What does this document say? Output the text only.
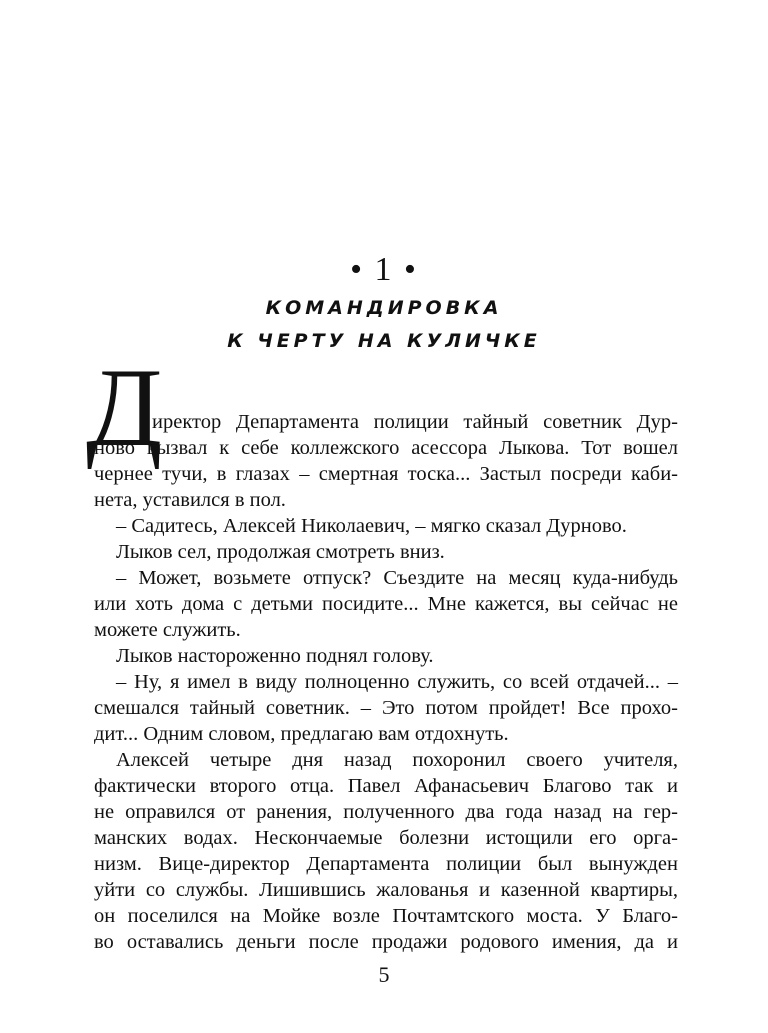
• 1 •
КОМАНДИРОВКА
К ЧЕРТУ НА КУЛИЧКЕ
Д
иректор Департамента полиции тайный советник Дур-
ново вызвал к себе коллежского асессора Лыкова. Тот вошел
чернее тучи, в глазах – смертная тоска... Застыл посреди каби-
нета, уставился в пол.
– Садитесь, Алексей Николаевич, – мягко сказал Дурново.
Лыков сел, продолжая смотреть вниз.
– Может, возьмете отпуск? Съездите на месяц куда-нибудь
или хоть дома с детьми посидите... Мне кажется, вы сейчас не
можете служить.
Лыков настороженно поднял голову.
– Ну, я имел в виду полноценно служить, со всей отдачей... –
смешался тайный советник. – Это потом пройдет! Все прохо-
дит... Одним словом, предлагаю вам отдохнуть.
Алексей четыре дня назад похоронил своего учителя,
фактически второго отца. Павел Афанасьевич Благово так и
не оправился от ранения, полученного два года назад на гер-
манских водах. Нескончаемые болезни истощили его орга-
низм. Вице-директор Департамента полиции был вынужден
уйти со службы. Лишившись жалованья и казенной квартиры,
он поселился на Мойке возле Почтамтского моста. У Благо-
во оставались деньги после продажи родового имения, да и
5
